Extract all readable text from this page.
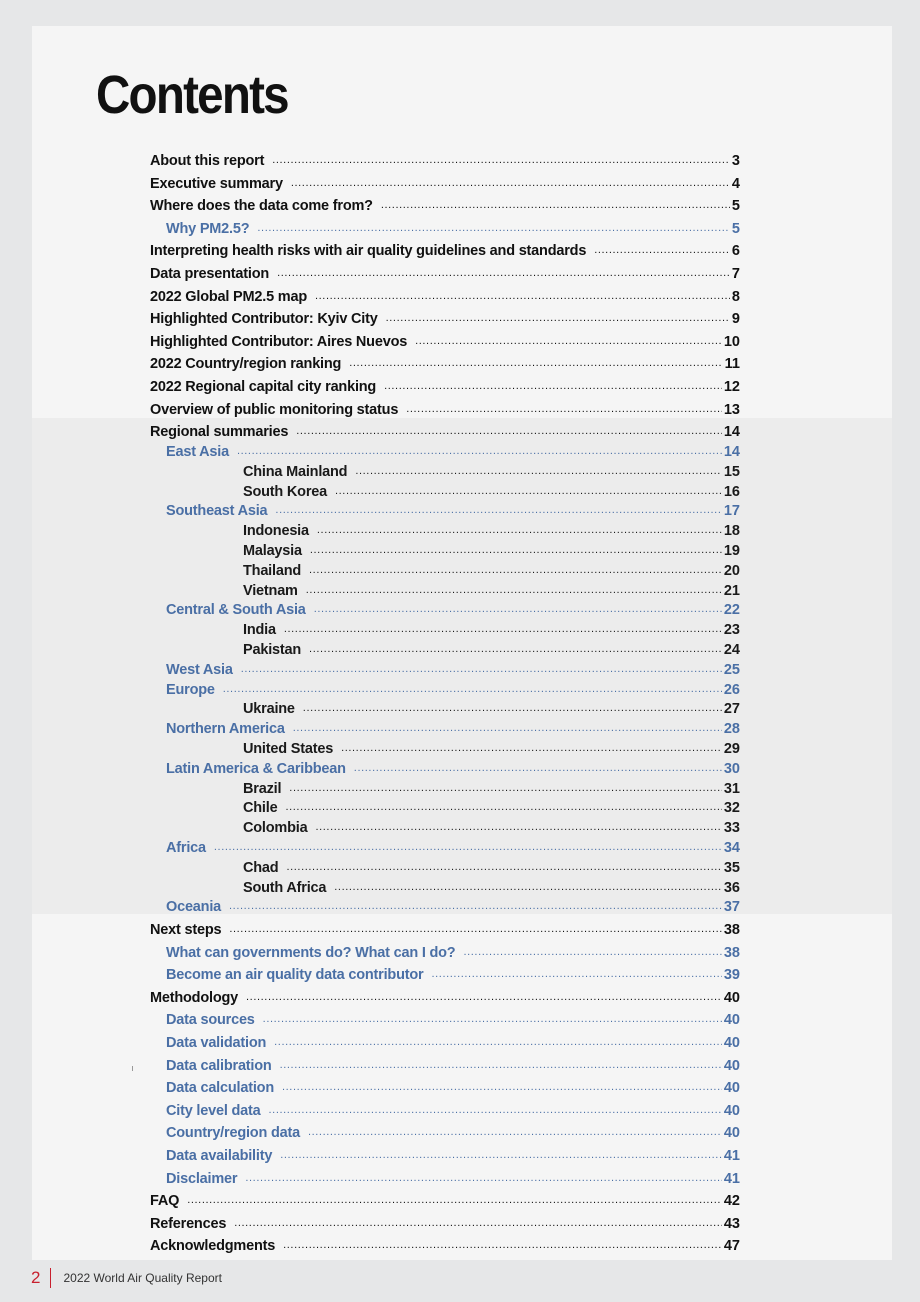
Contents
About this report .....	3
Executive summary .....	4
Where does the data come from? .....	5
Why PM2.5? .....	5
Interpreting health risks with air quality guidelines and standards .....	6
Data presentation .....	7
2022 Global PM2.5 map .....	8
Highlighted Contributor: Kyiv City .....	9
Highlighted Contributor: Aires Nuevos .....	10
2022 Country/region ranking .....	11
2022 Regional capital city ranking .....	12
Overview of public monitoring status .....	13
Regional summaries .....	14
East Asia .....	14
China Mainland .....	15
South Korea .....	16
Southeast Asia .....	17
Indonesia .....	18
Malaysia .....	19
Thailand .....	20
Vietnam .....	21
Central & South Asia .....	22
India .....	23
Pakistan .....	24
West Asia .....	25
Europe .....	26
Ukraine .....	27
Northern America .....	28
United States .....	29
Latin America & Caribbean .....	30
Brazil .....	31
Chile .....	32
Colombia .....	33
Africa .....	34
Chad .....	35
South Africa .....	36
Oceania .....	37
Next steps .....	38
What can governments do? What can I do? .....	38
Become an air quality data contributor .....	39
Methodology .....	40
Data sources .....	40
Data validation .....	40
Data calibration .....	40
Data calculation .....	40
City level data .....	40
Country/region data .....	40
Data availability .....	41
Disclaimer .....	41
FAQ .....	42
References .....	43
Acknowledgments .....	47
2 2022 World Air Quality Report
